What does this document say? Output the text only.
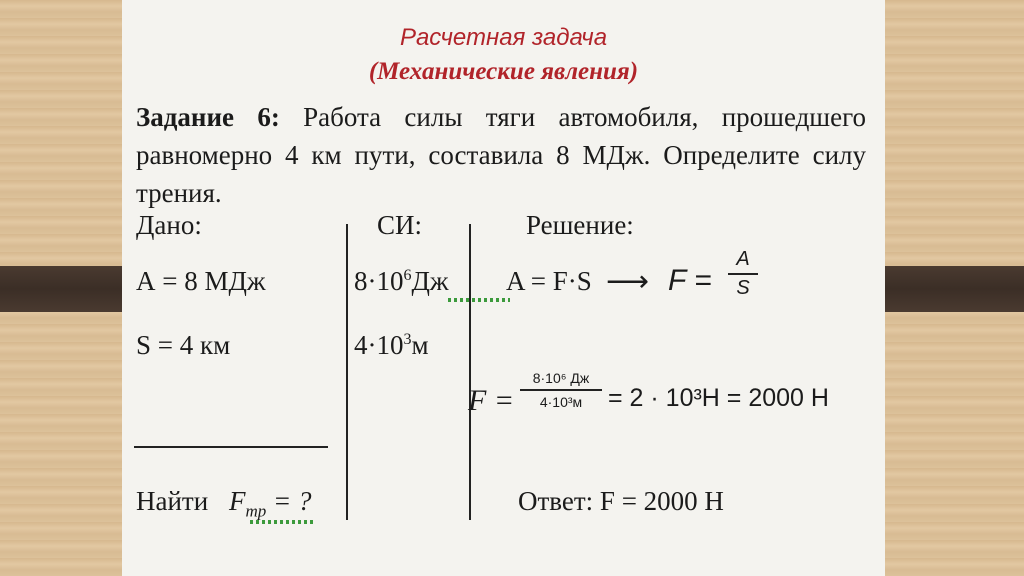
Расчетная задача
(Механические явления)
Задание 6: Работа силы тяги автомобиля, прошедшего равномерно 4 км пути, составила 8 МДж. Определите силу трения.
Дано:
А = 8 МДж
S = 4 км
Найти $F_{тр}$ = ?
СИ:
$8\cdot 10^6Дж$
$4\cdot 10^3м$
Решение:
A = F·S ⟶ F =
A
S
F =
8·10⁶ Дж
4·10³м	= 2 · 10³Н = 2000 Н
Ответ: F = 2000 Н
